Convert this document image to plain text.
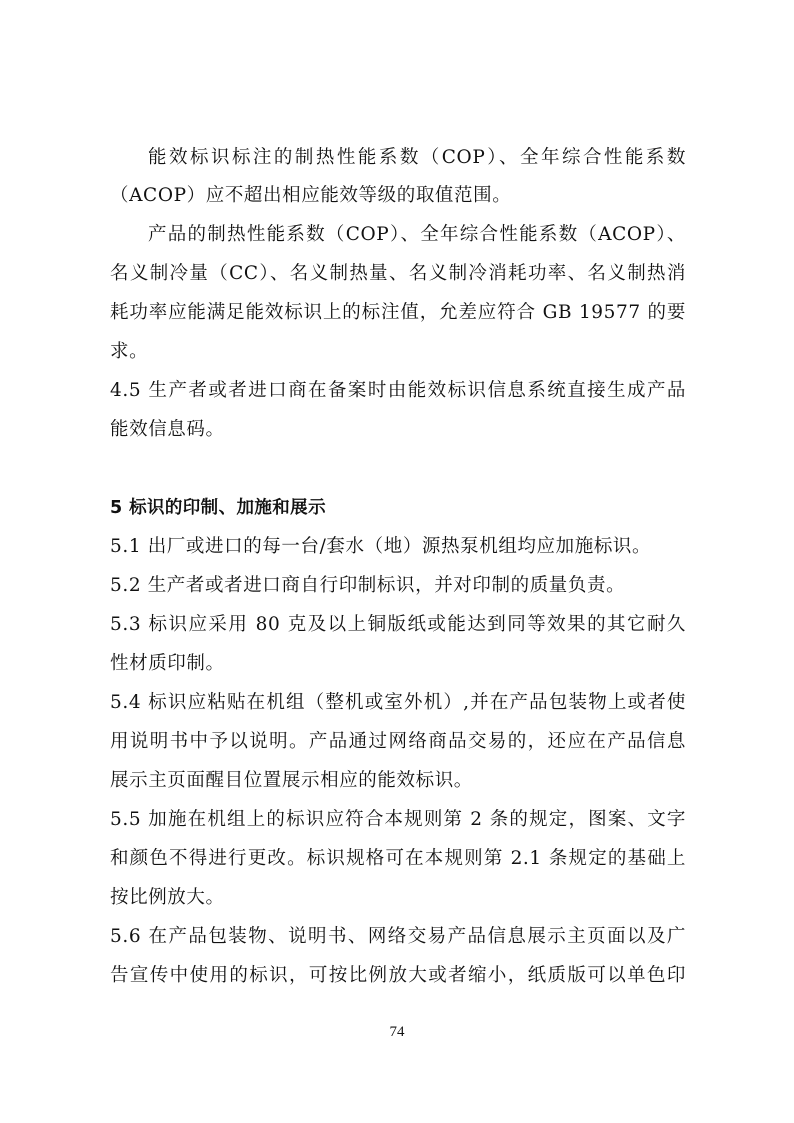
能效标识标注的制热性能系数（COP）、全年综合性能系数
（ACOP）应不超出相应能效等级的取值范围。
产品的制热性能系数（COP）、全年综合性能系数（ACOP）、
名义制冷量（CC）、名义制热量、名义制冷消耗功率、名义制热消
耗功率应能满足能效标识上的标注值，允差应符合 GB 19577 的要
求。
4.5 生产者或者进口商在备案时由能效标识信息系统直接生成产品
能效信息码。
5 标识的印制、加施和展示
5.1 出厂或进口的每一台/套水（地）源热泵机组均应加施标识。
5.2 生产者或者进口商自行印制标识，并对印制的质量负责。
5.3 标识应采用 80 克及以上铜版纸或能达到同等效果的其它耐久
性材质印制。
5.4 标识应粘贴在机组（整机或室外机）,并在产品包装物上或者使
用说明书中予以说明。产品通过网络商品交易的，还应在产品信息
展示主页面醒目位置展示相应的能效标识。
5.5 加施在机组上的标识应符合本规则第 2 条的规定，图案、文字
和颜色不得进行更改。标识规格可在本规则第 2.1 条规定的基础上
按比例放大。
5.6 在产品包装物、说明书、网络交易产品信息展示主页面以及广
告宣传中使用的标识，可按比例放大或者缩小，纸质版可以单色印
74
